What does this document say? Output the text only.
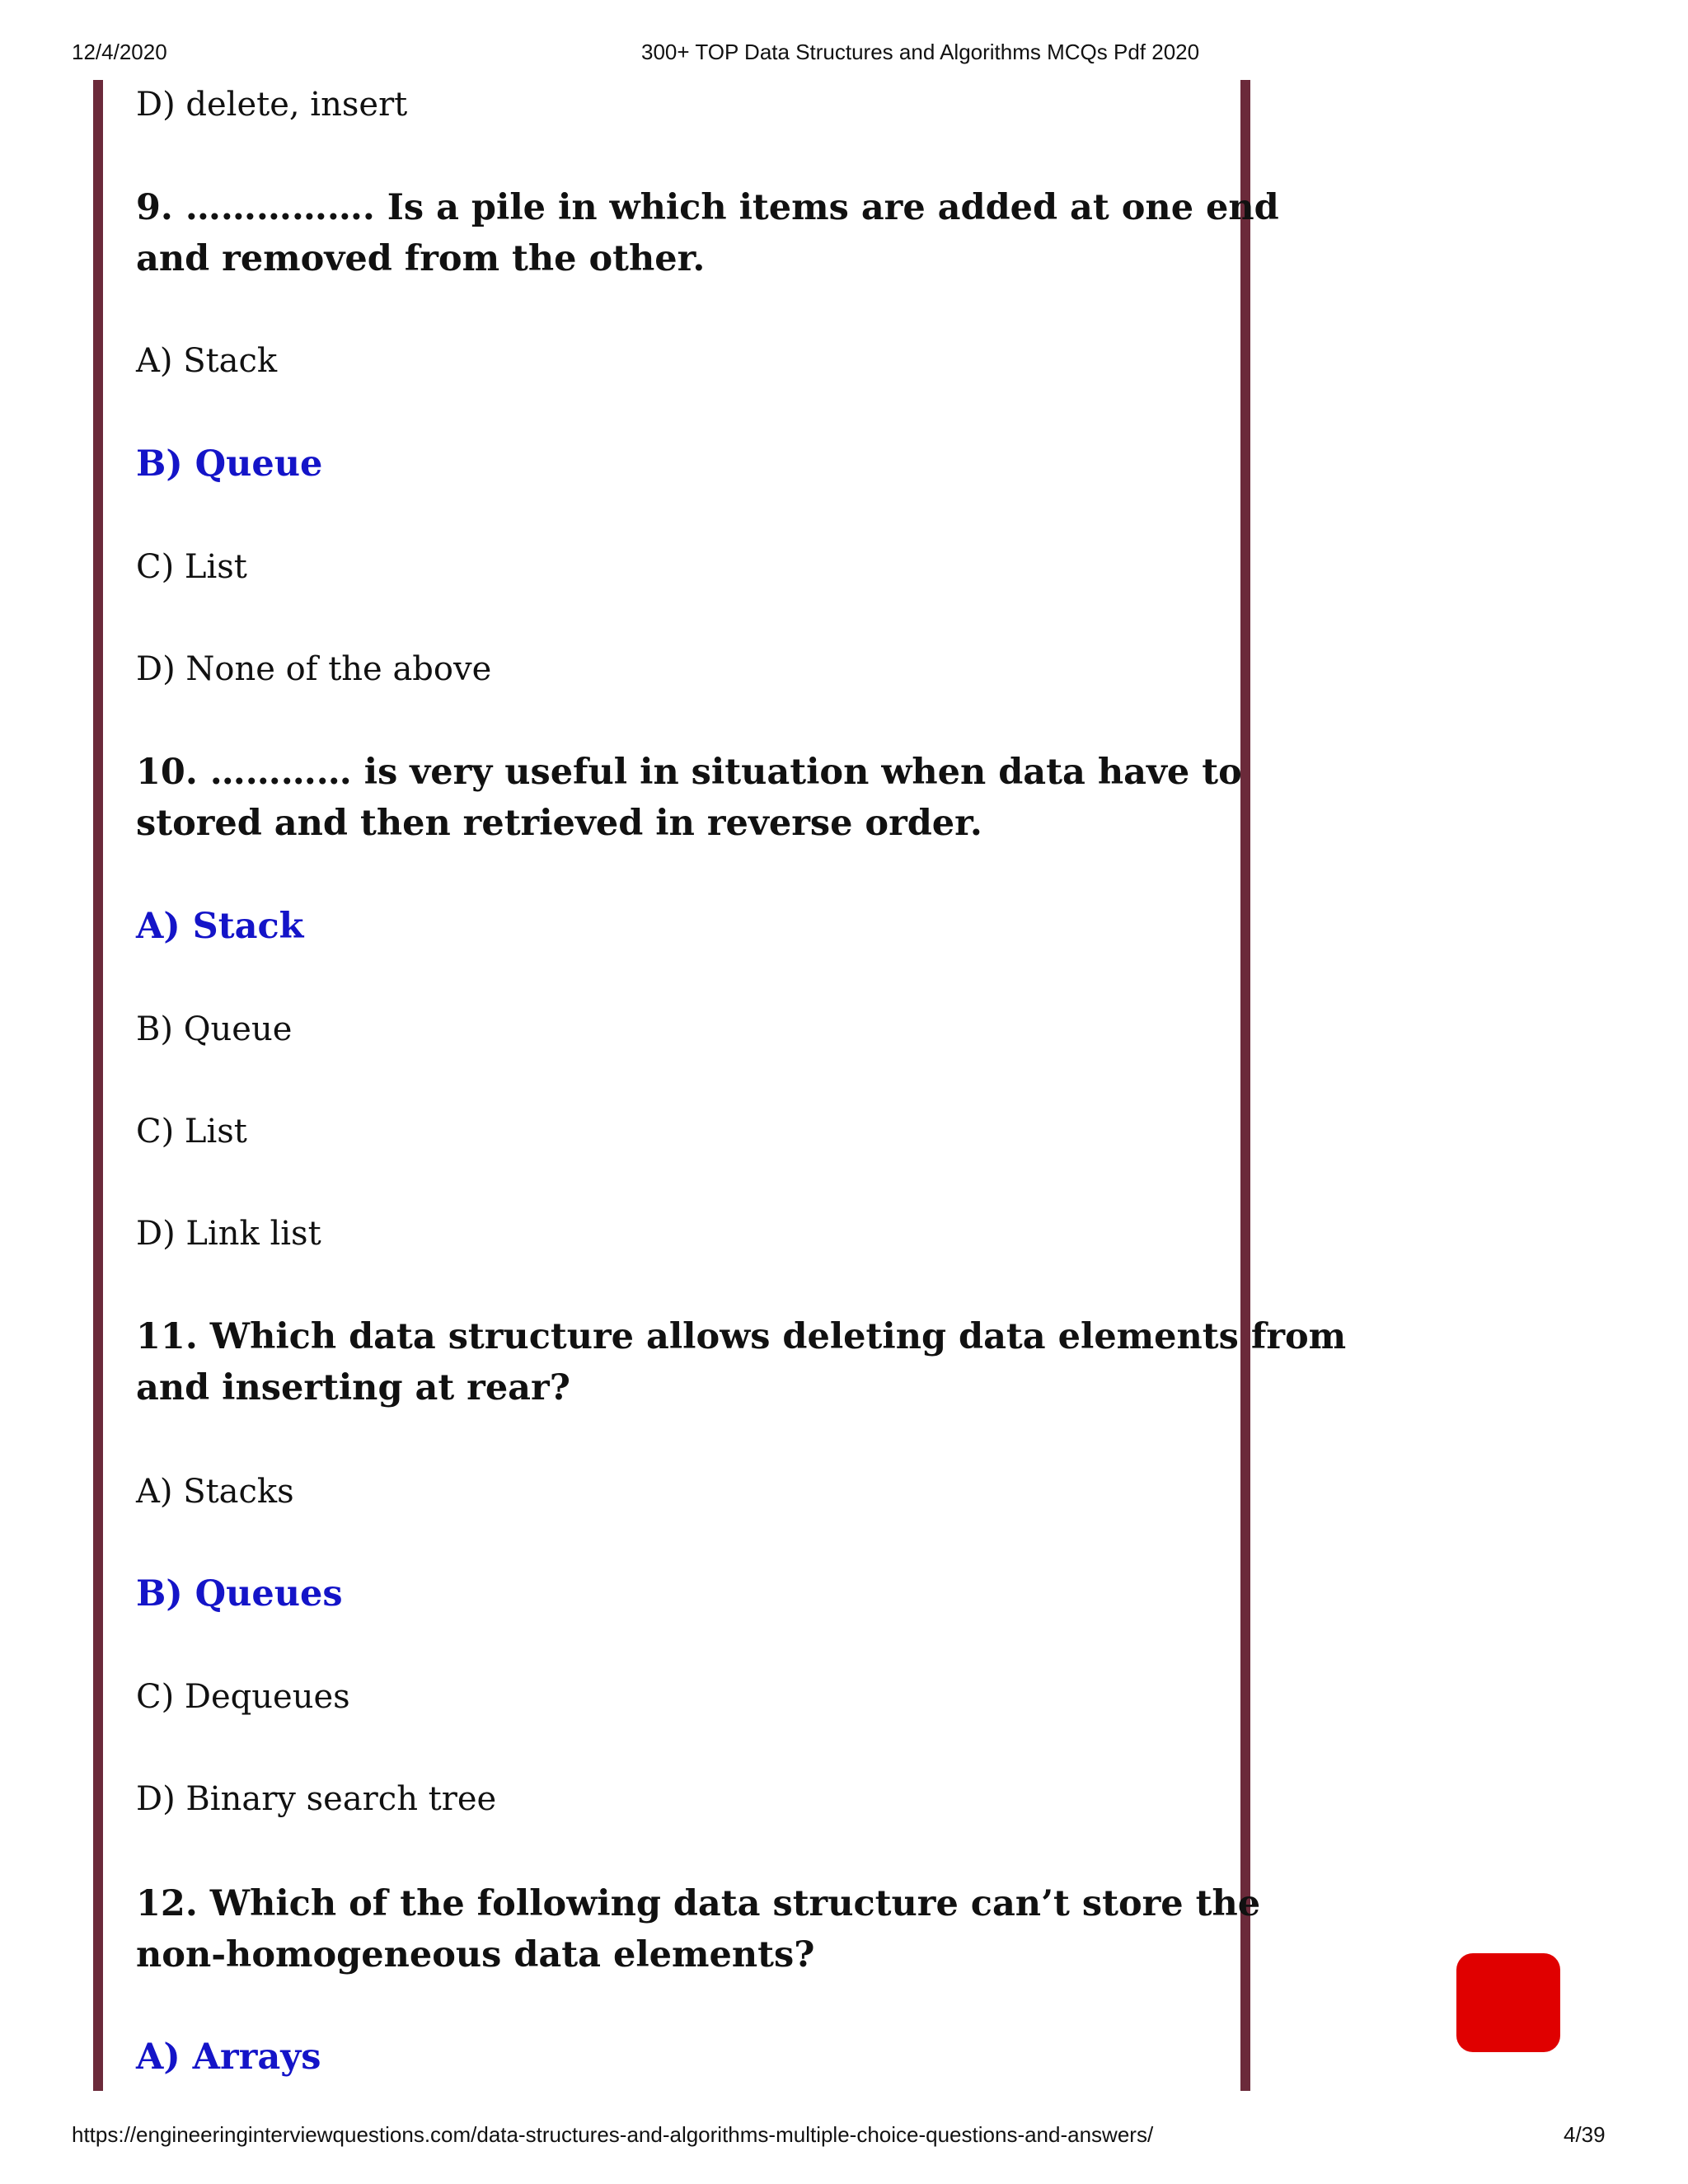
12/4/2020	300+ TOP Data Structures and Algorithms MCQs Pdf 2020
D) delete, insert
9. ……………. Is a pile in which items are added at one end
and removed from the other.
A) Stack
B) Queue
C) List
D) None of the above
10. ………… is very useful in situation when data have to
stored and then retrieved in reverse order.
A) Stack
B) Queue
C) List
D) Link list
11. Which data structure allows deleting data elements from
and inserting at rear?
A) Stacks
B) Queues
C) Dequeues
D) Binary search tree
12. Which of the following data structure can’t store the
non-homogeneous data elements?
A) Arrays
https://engineeringinterviewquestions.com/data-structures-and-algorithms-multiple-choice-questions-and-answers/	4/39
